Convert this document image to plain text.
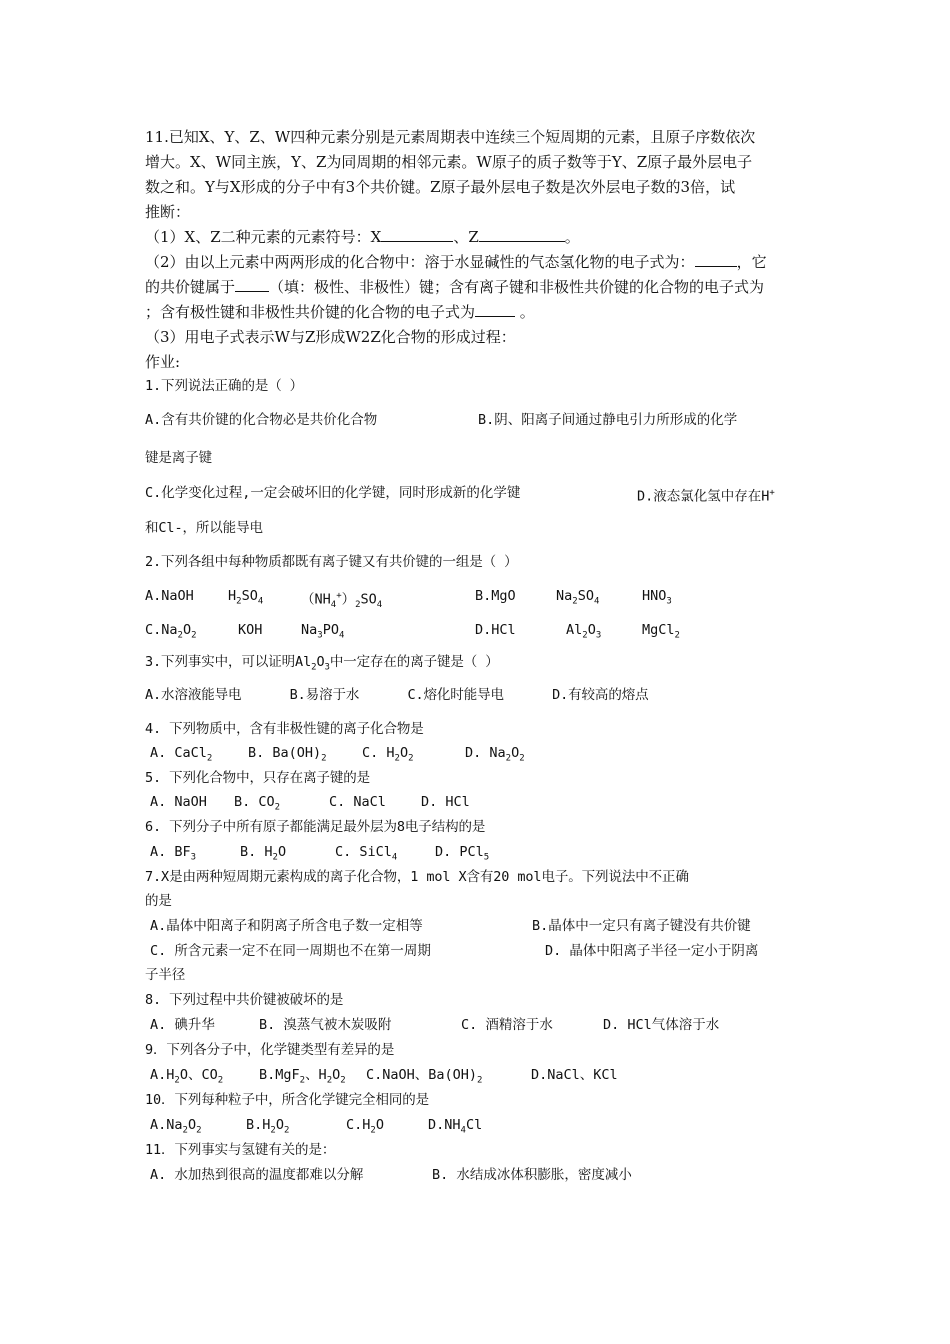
11.已知X、Y、Z、W四种元素分别是元素周期表中连续三个短周期的元素，且原子序数依次
增大。X、W同主族，Y、Z为同周期的相邻元素。W原子的质子数等于Y、Z原子最外层电子
数之和。Y与X形成的分子中有3个共价键。Z原子最外层电子数是次外层电子数的3倍，试
推断：
（1）X、Z二种元素的元素符号：X	、Z	。
（2）由以上元素中两两形成的化合物中：溶于水显碱性的气态氢化物的电子式为：	，它
的共价键属于 （填：极性、非极性）键；含有离子键和非极性共价键的化合物的电子式为
；含有极性键和非极性共价键的化合物的电子式为	。
（3）用电子式表示W与Z形成W2Z化合物的形成过程：
作业:
1.下列说法正确的是（ ）
A.含有共价键的化合物必是共价化合物	B.阴、阳离子间通过静电引力所形成的化学
键是离子键
C.化学变化过程,一定会破坏旧的化学键，同时形成新的化学键	D.液态氯化氢中存在H+
和Cl-，所以能导电
2.下列各组中每种物质都既有离子键又有共价键的一组是（ ）
A.NaOH	$H_2SO_4$	$(NH_4^+)_2SO_4$
B.MgO	$Na_2SO_4$	$HNO_3$
$C.Na_2O_2$	KOH	$Na_3PO_4$	D.HCl	$Al_2O_3$	MgCl$_2$
3.下列事实中，可以证明$Al_2O_3$中一定存在的离子键是（ ）
A.水溶液能导电      B.易溶于水      C.熔化时能导电      D.有较高的熔点
4. 下列物质中，含有非极性键的离子化合物是
A. CaCl$_2$	B. $Ba(OH)_2$	C. $H_2O_2$	D. $Na_2O_2$
5. 下列化合物中，只存在离子键的是
A. NaOH B. $CO_2$	C. NaCl	D. HCl
6. 下列分子中所有原子都能满足最外层为8电子结构的是
A. $BF_3$	B. $H_2O$	C. SiCl$_4$	D. PCl$_5$
7.X是由两种短周期元素构成的离子化合物，1 mol X含有20 mol电子。下列说法中不正确
的是
A.晶体中阳离子和阴离子所含电子数一定相等	B.晶体中一定只有离子键没有共价键
C. 所含元素一定不在同一周期也不在第一周期	D. 晶体中阳离子半径一定小于阴离
子半径
8. 下列过程中共价键被破坏的是
A. 碘升华	B. 溴蒸气被木炭吸附	C. 酒精溶于水	D. HCl气体溶于水
9．下列各分子中，化学键类型有差异的是
$A.H_2O$、$CO_2$	B.MgF$_2$、$H_2O_2$ C.NaOH、$Ba(OH)_2$	D.NaCl、KCl
10．下列每种粒子中，所含化学键完全相同的是
$A.Na_2O_2$	$B.H_2O_2$	$C.H_2O$	$D.NH_4Cl$
11．下列事实与氢键有关的是：
A. 水加热到很高的温度都难以分解	B. 水结成冰体积膨胀，密度减小
